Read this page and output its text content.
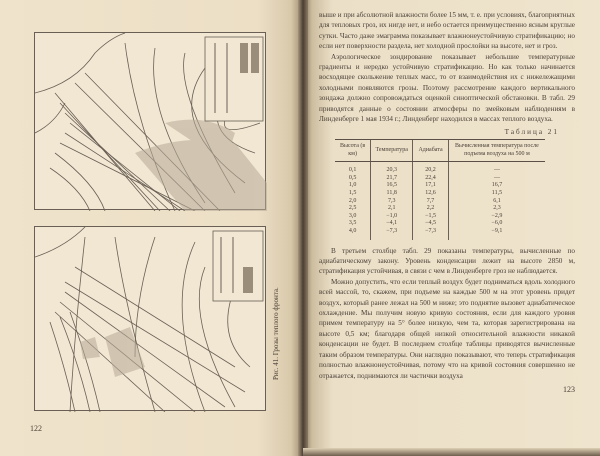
Рис. 41. Грозы теплого фронта.
122

выше и при абсолютной влажности более 15 мм, т. е. при условиях, благоприятных для тепловых гроз, их нигде нет, и небо остается преимущественно ясным круглые сутки. Часто даже эмаграмма показывает влажнонеустойчивую стратификацию; но если нет поверхности раздела, нет холодной прослойки на высоте, нет и гроз.

Аэрологическое зондирование показывает небольшие температурные градиенты и нередко устойчивую стратификацию. Но как только начинается восходящее скольжение теплых масс, то от взаимодействия их с нижележащими холодными появляются грозы. Поэтому рассмотрение каждого вертикального зондажа должно сопровождаться оценкой синоптической обстановки. В табл. 29 приводятся данные о состоянии атмосферы по змейковым наблюдениям в Линденберге 1 мая 1934 г.; Линденберг находился в массах теплого воздуха.

Таблица 21
Высота (в км)	Температура	Адиабата	Вычисленная температура после подъема воздуха на 500 м
0,1	20,3	20,2	—
0,5	21,7	22,4	—
1,0	16,5	17,1	16,7
1,5	11,8	12,6	11,5
2,0	7,3	7,7	6,1
2,5	2,1	2,2	2,3
3,0	−1,0	−1,5	−2,9
3,5	−4,1	−4,5	−6,0
4,0	−7,3	−7,3	−9,1

В третьем столбце табл. 29 показаны температуры, вычисленные по адиабатическому закону. Уровень конденсации лежит на высоте 2850 м, стратификация устойчивая, в связи с чем в Линденберге гроз не наблюдается.

Можно допустить, что если теплый воздух будет подниматься вдоль холодного всей массой, то, скажем, при подъеме на каждые 500 м на этот уровень придет воздух, который ранее лежал на 500 м ниже; это поднятие вызовет адиабатическое охлаждение. Мы получим новую кривую состояния, если для каждого уровня примем температуру на 5° более низкую, чем та, которая зарегистрирована на высоте 0,5 км; благодаря общей низкой относительной влажности никакой конденсации не будет. В последнем столбце таблицы приводятся вычисленные таким образом температуры. Они наглядно показывают, что теперь стратификация полностью влажнонеустойчивая, потому что на кривой состояния совершенно не отражается, поднимаются ли частички воздуха

123
